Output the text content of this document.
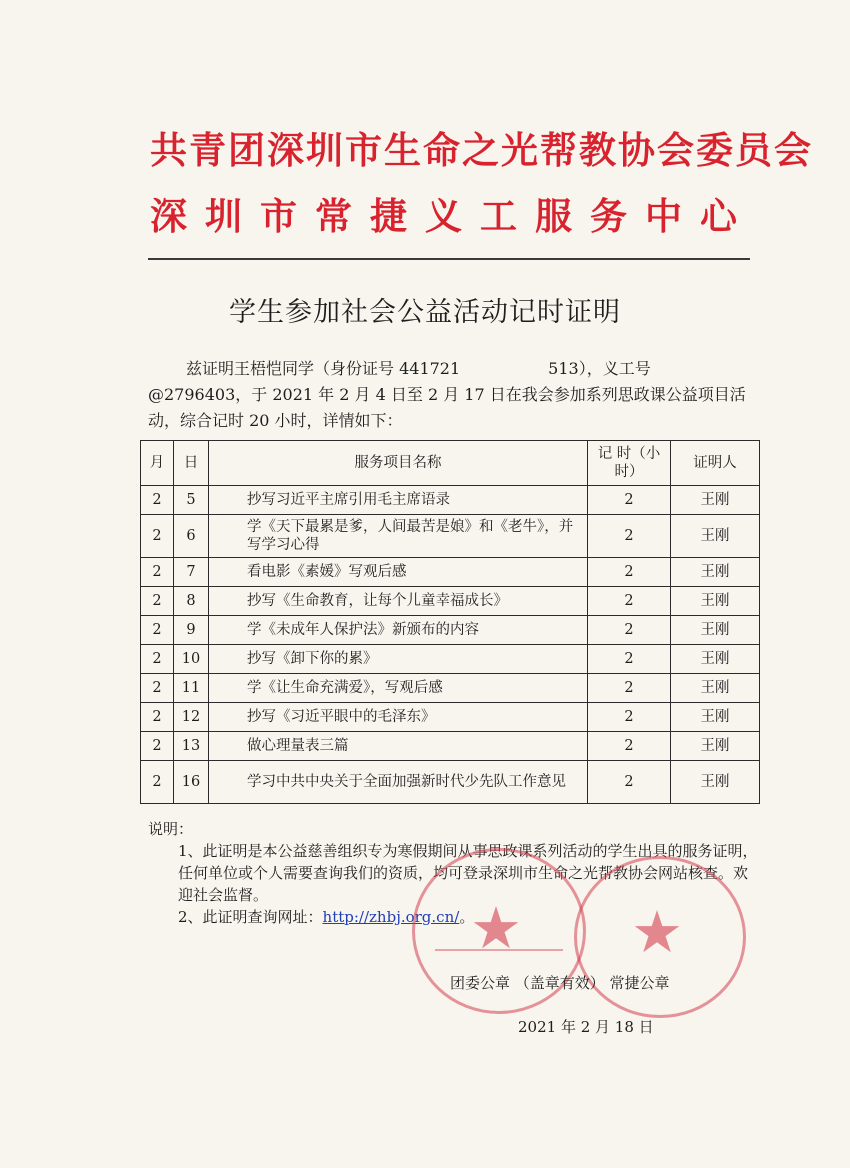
共青团深圳市生命之光帮教协会委员会
深圳市常捷义工服务中心
学生参加社会公益活动记时证明
兹证明王梧恺同学（身份证号 441721	513），义工号
@2796403，于 2021 年 2 月 4 日至 2 月 17 日在我会参加系列思政课公益项目活动，综合记时 20 小时，详情如下：
月	日	服务项目名称	记 时（小时）	证明人
2	5	抄写习近平主席引用毛主席语录	2	王刚
2	6	学《天下最累是爹，人间最苦是娘》和《老牛》，并写学习心得	2	王刚
2	7	看电影《素媛》写观后感	2	王刚
2	8	抄写《生命教育，让每个儿童幸福成长》	2	王刚
2	9	学《未成年人保护法》新颁布的内容	2	王刚
2	10	抄写《卸下你的累》	2	王刚
2	11	学《让生命充满爱》，写观后感	2	王刚
2	12	抄写《习近平眼中的毛泽东》	2	王刚
2	13	做心理量表三篇	2	王刚
2	16	学习中共中央关于全面加强新时代少先队工作意见	2	王刚
说明：
1、此证明是本公益慈善组织专为寒假期间从事思政课系列活动的学生出具的服务证明，任何单位或个人需要查询我们的资质，均可登录深圳市生命之光帮教协会网站核查。欢迎社会监督。
2、此证明查询网址：http://zhbj.org.cn/。
★ ★
团委公章 （盖章有效） 常捷公章
2021 年 2 月 18 日
